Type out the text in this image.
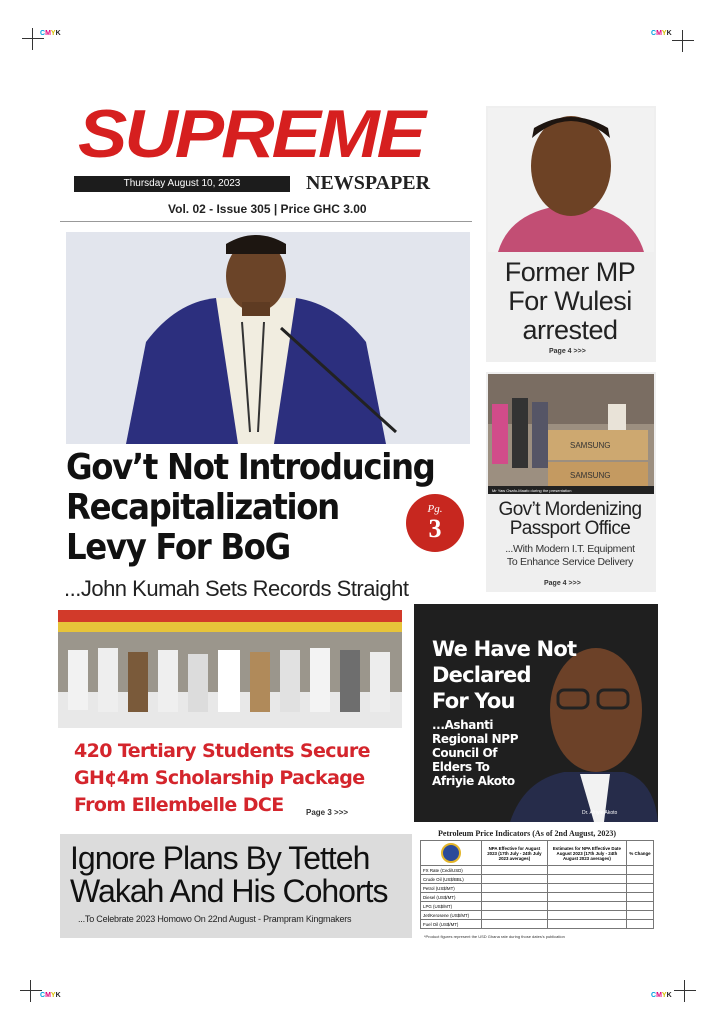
CMYK	CMYK
CMYK	CMYK
SUPREME
Thursday August 10, 2023	NEWSPAPER
Vol. 02 - Issue 305 | Price GHC 3.00
Gov’t Not Introducing
Recapitalization
Levy For BoG
Pg.
3
...John Kumah Sets Records Straight
Former MP
For Wulesi
arrested
Page 4 >>>
SAMSUNG
SAMSUNG
Mr Yaw Osafo-Maafo during the presentation
Gov’t Mordenizing
Passport Office
...With Modern I.T. Equipment
To Enhance Service Delivery
Page 4 >>>
420 Tertiary Students Secure
GH¢4m Scholarship Package
From Ellembelle DCE	Page 3 >>>	Dr. Afriyie Akoto
We Have Not
Declared
For You
...Ashanti
Regional NPP
Council Of
Elders To
Afriyie Akoto
Ignore Plans By Tetteh
Wakah And His Cohorts
...To Celebrate 2023 Homowo On 22nd August - Prampram Kingmakers
Petroleum Price Indicators (As of 2nd August, 2023)
	NPA Effective for August 2023 (17th July - 24th July 2023 averages)	Estimates for NPA Effective Date August 2023 (17th July - 24th August 2023 averages)	% Change
FX Rate (Cedi/USD)			
Crude Oil (US$/BBL)			
Petrol (US$/MT)			
Diesel (US$/MT)			
LPG (US$/MT)			
Jet/Kerosene (US$/MT)			
Fuel Oil (US$/MT)			
*Product figures represent the USD Ghana rate during those dates's publication
